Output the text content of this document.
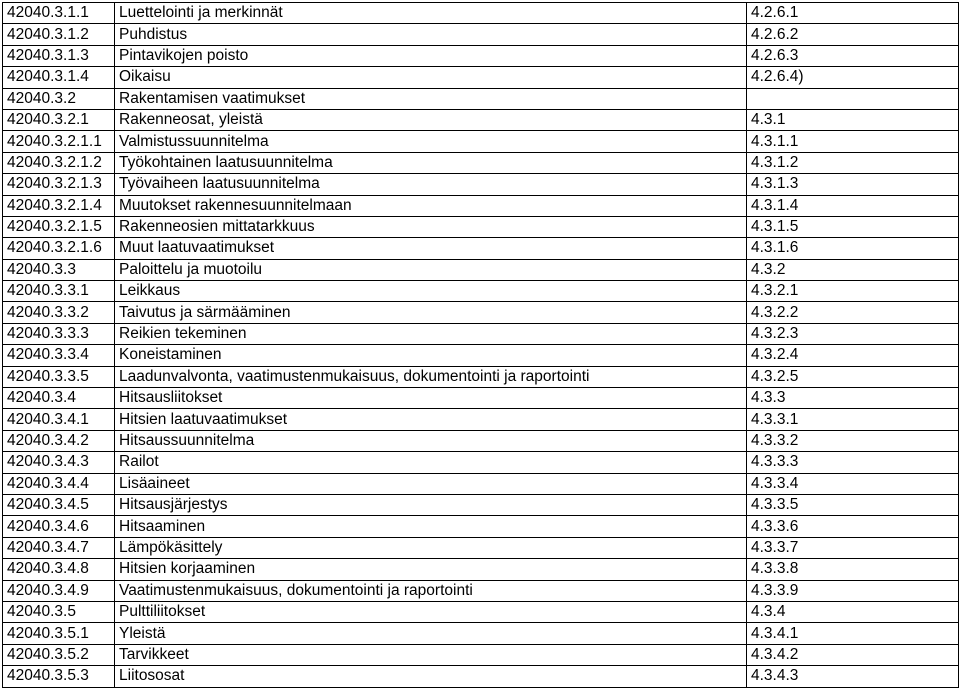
42040.3.1.1	Luettelointi ja merkinnät	4.2.6.1
42040.3.1.2	Puhdistus	4.2.6.2
42040.3.1.3	Pintavikojen poisto	4.2.6.3
42040.3.1.4	Oikaisu	4.2.6.4)
42040.3.2	Rakentamisen vaatimukset	
42040.3.2.1	Rakenneosat, yleistä	4.3.1
42040.3.2.1.1	Valmistussuunnitelma	4.3.1.1
42040.3.2.1.2	Työkohtainen laatusuunnitelma	4.3.1.2
42040.3.2.1.3	Työvaiheen laatusuunnitelma	4.3.1.3
42040.3.2.1.4	Muutokset rakennesuunnitelmaan	4.3.1.4
42040.3.2.1.5	Rakenneosien mittatarkkuus	4.3.1.5
42040.3.2.1.6	Muut laatuvaatimukset	4.3.1.6
42040.3.3	Paloittelu ja muotoilu	4.3.2
42040.3.3.1	Leikkaus	4.3.2.1
42040.3.3.2	Taivutus ja särmääminen	4.3.2.2
42040.3.3.3	Reikien tekeminen	4.3.2.3
42040.3.3.4	Koneistaminen	4.3.2.4
42040.3.3.5	Laadunvalvonta, vaatimustenmukaisuus, dokumentointi ja raportointi	4.3.2.5
42040.3.4	Hitsausliitokset	4.3.3
42040.3.4.1	Hitsien laatuvaatimukset	4.3.3.1
42040.3.4.2	Hitsaussuunnitelma	4.3.3.2
42040.3.4.3	Railot	4.3.3.3
42040.3.4.4	Lisäaineet	4.3.3.4
42040.3.4.5	Hitsausjärjestys	4.3.3.5
42040.3.4.6	Hitsaaminen	4.3.3.6
42040.3.4.7	Lämpökäsittely	4.3.3.7
42040.3.4.8	Hitsien korjaaminen	4.3.3.8
42040.3.4.9	Vaatimustenmukaisuus, dokumentointi ja raportointi	4.3.3.9
42040.3.5	Pulttiliitokset	4.3.4
42040.3.5.1	Yleistä	4.3.4.1
42040.3.5.2	Tarvikkeet	4.3.4.2
42040.3.5.3	Liitososat	4.3.4.3
